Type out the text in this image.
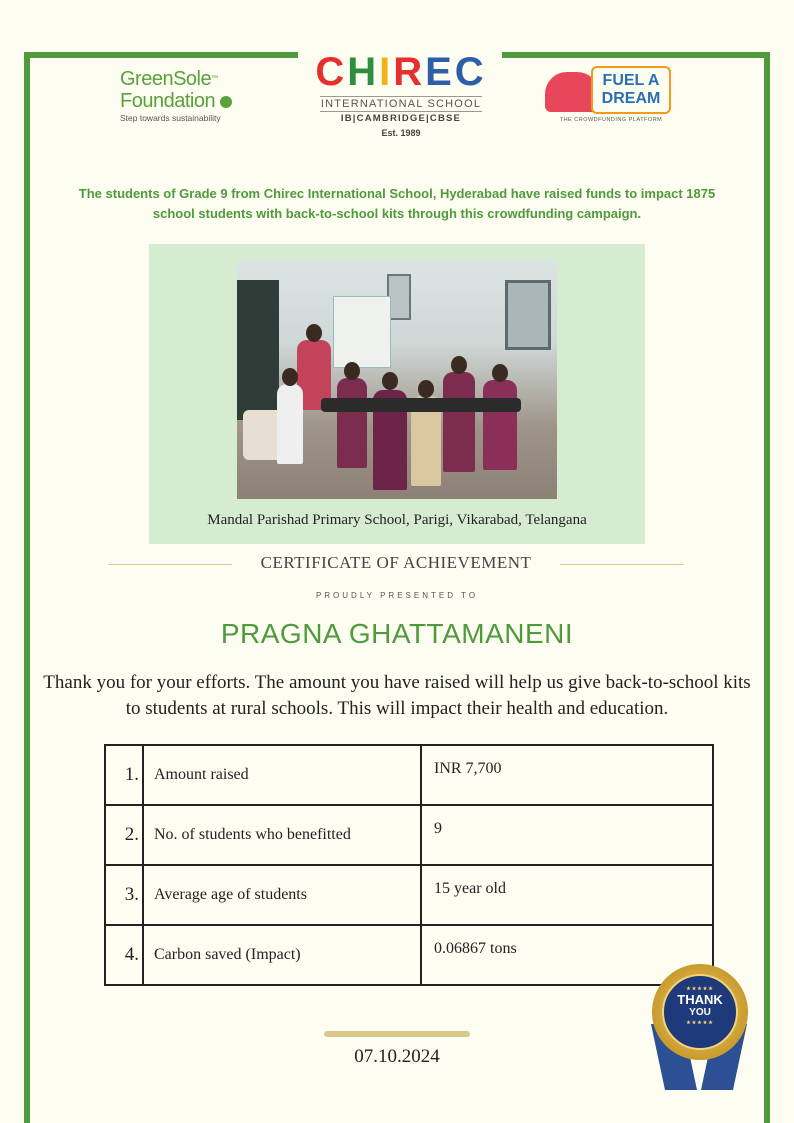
GreenSole™
Foundation
Step towards sustainability
CHIREC
INTERNATIONAL SCHOOL
IB|CAMBRIDGE|CBSE
Est. 1989
FUEL A
DREAM
THE CROWDFUNDING PLATFORM
The students of Grade 9 from Chirec International School, Hyderabad have raised funds to impact 1875 school students with back-to-school kits through this crowdfunding campaign.
Mandal Parishad Primary School, Parigi, Vikarabad, Telangana
CERTIFICATE OF ACHIEVEMENT
PROUDLY PRESENTED TO
PRAGNA GHATTAMANENI
Thank you for your efforts. The amount you have raised will help us give back-to-school kits to students at rural schools. This will impact their health and education.
1.	Amount raised	INR 7,700
2.	No. of students who benefitted	9
3.	Average age of students	15 year old
4.	Carbon saved (Impact)	0.06867 tons
07.10.2024
★★★★★
THANK
YOU
★★★★★
